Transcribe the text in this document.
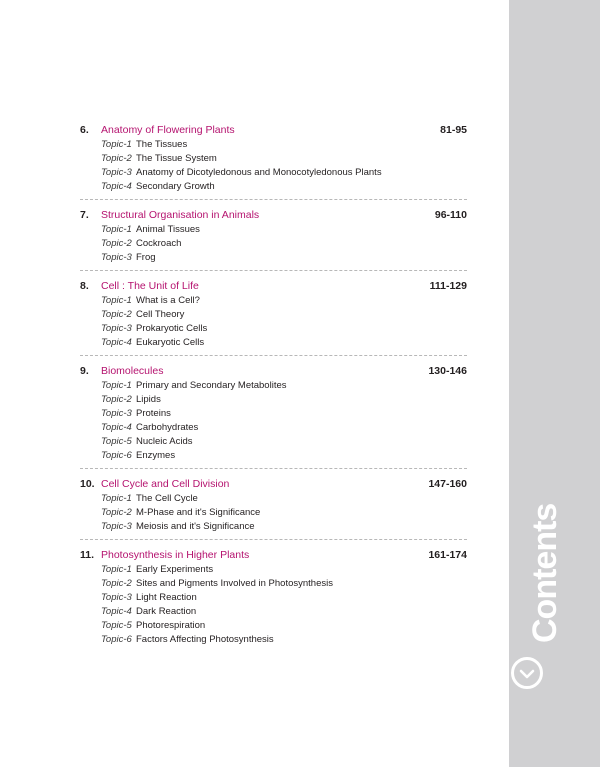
Contents
6. Anatomy of Flowering Plants	81-95
Topic-1 The Tissues
Topic-2 The Tissue System
Topic-3 Anatomy of Dicotyledonous and Monocotyledonous Plants
Topic-4 Secondary Growth
7. Structural Organisation in Animals	96-110
Topic-1 Animal Tissues
Topic-2 Cockroach
Topic-3 Frog
8. Cell : The Unit of Life	111-129
Topic-1 What is a Cell?
Topic-2 Cell Theory
Topic-3 Prokaryotic Cells
Topic-4 Eukaryotic Cells
9. Biomolecules	130-146
Topic-1 Primary and Secondary Metabolites
Topic-2 Lipids
Topic-3 Proteins
Topic-4 Carbohydrates
Topic-5 Nucleic Acids
Topic-6 Enzymes
10. Cell Cycle and Cell Division	147-160
Topic-1 The Cell Cycle
Topic-2 M-Phase and it's Significance
Topic-3 Meiosis and it's Significance
11. Photosynthesis in Higher Plants	161-174
Topic-1 Early Experiments
Topic-2 Sites and Pigments Involved in Photosynthesis
Topic-3 Light Reaction
Topic-4 Dark Reaction
Topic-5 Photorespiration
Topic-6 Factors Affecting Photosynthesis
